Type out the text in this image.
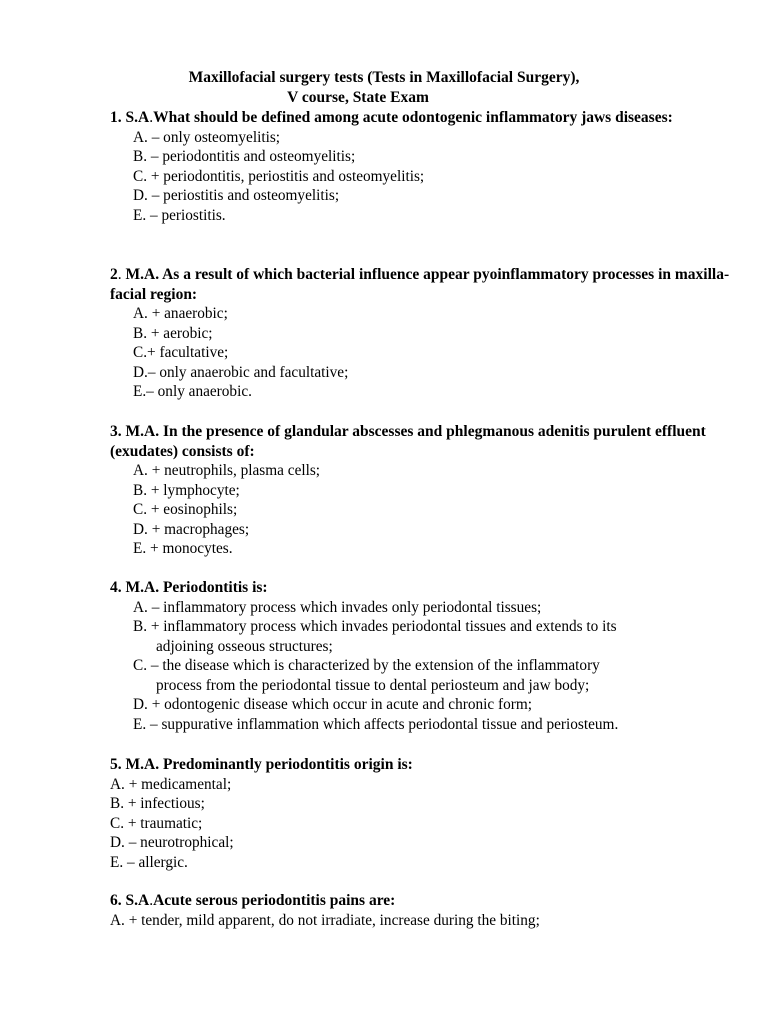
Maxillofacial surgery tests (Tests in Maxillofacial Surgery),
V course, State Exam

1. S.A.What should be defined among acute odontogenic inflammatory jaws diseases:

A. – only osteomyelitis;
B. – periodontitis and osteomyelitis;
C. + periodontitis, periostitis and osteomyelitis;
D. – periostitis and osteomyelitis;
E. – periostitis.

2. M.A. As a result of which bacterial influence appear pyoinflammatory processes in maxilla-facial region:

A. + anaerobic;
B. + aerobic;
C.+ facultative;
D.– only anaerobic and facultative;
E.– only anaerobic.

3. M.A. In the presence of glandular abscesses and phlegmanous adenitis purulent effluent (exudates) consists of:

A. + neutrophils, plasma cells;
B. + lymphocyte;
C. + eosinophils;
D. + macrophages;
E. + monocytes.

4. M.A. Periodontitis is:

A. – inflammatory process which invades only periodontal tissues;
B. + inflammatory process which invades periodontal tissues and extends to its
adjoining osseous structures;
C. – the disease which is characterized by the extension of the inflammatory
process from the periodontal tissue to dental periosteum and jaw body;
D. + odontogenic disease which occur in acute and chronic form;
E. – suppurative inflammation which affects periodontal tissue and periosteum.

5. M.A. Predominantly periodontitis origin is:

A. + medicamental;
B. + infectious;
C. + traumatic;
D. – neurotrophical;
E. – allergic.

6. S.A.Acute serous periodontitis pains are:

A. + tender, mild apparent, do not irradiate, increase during the biting;
